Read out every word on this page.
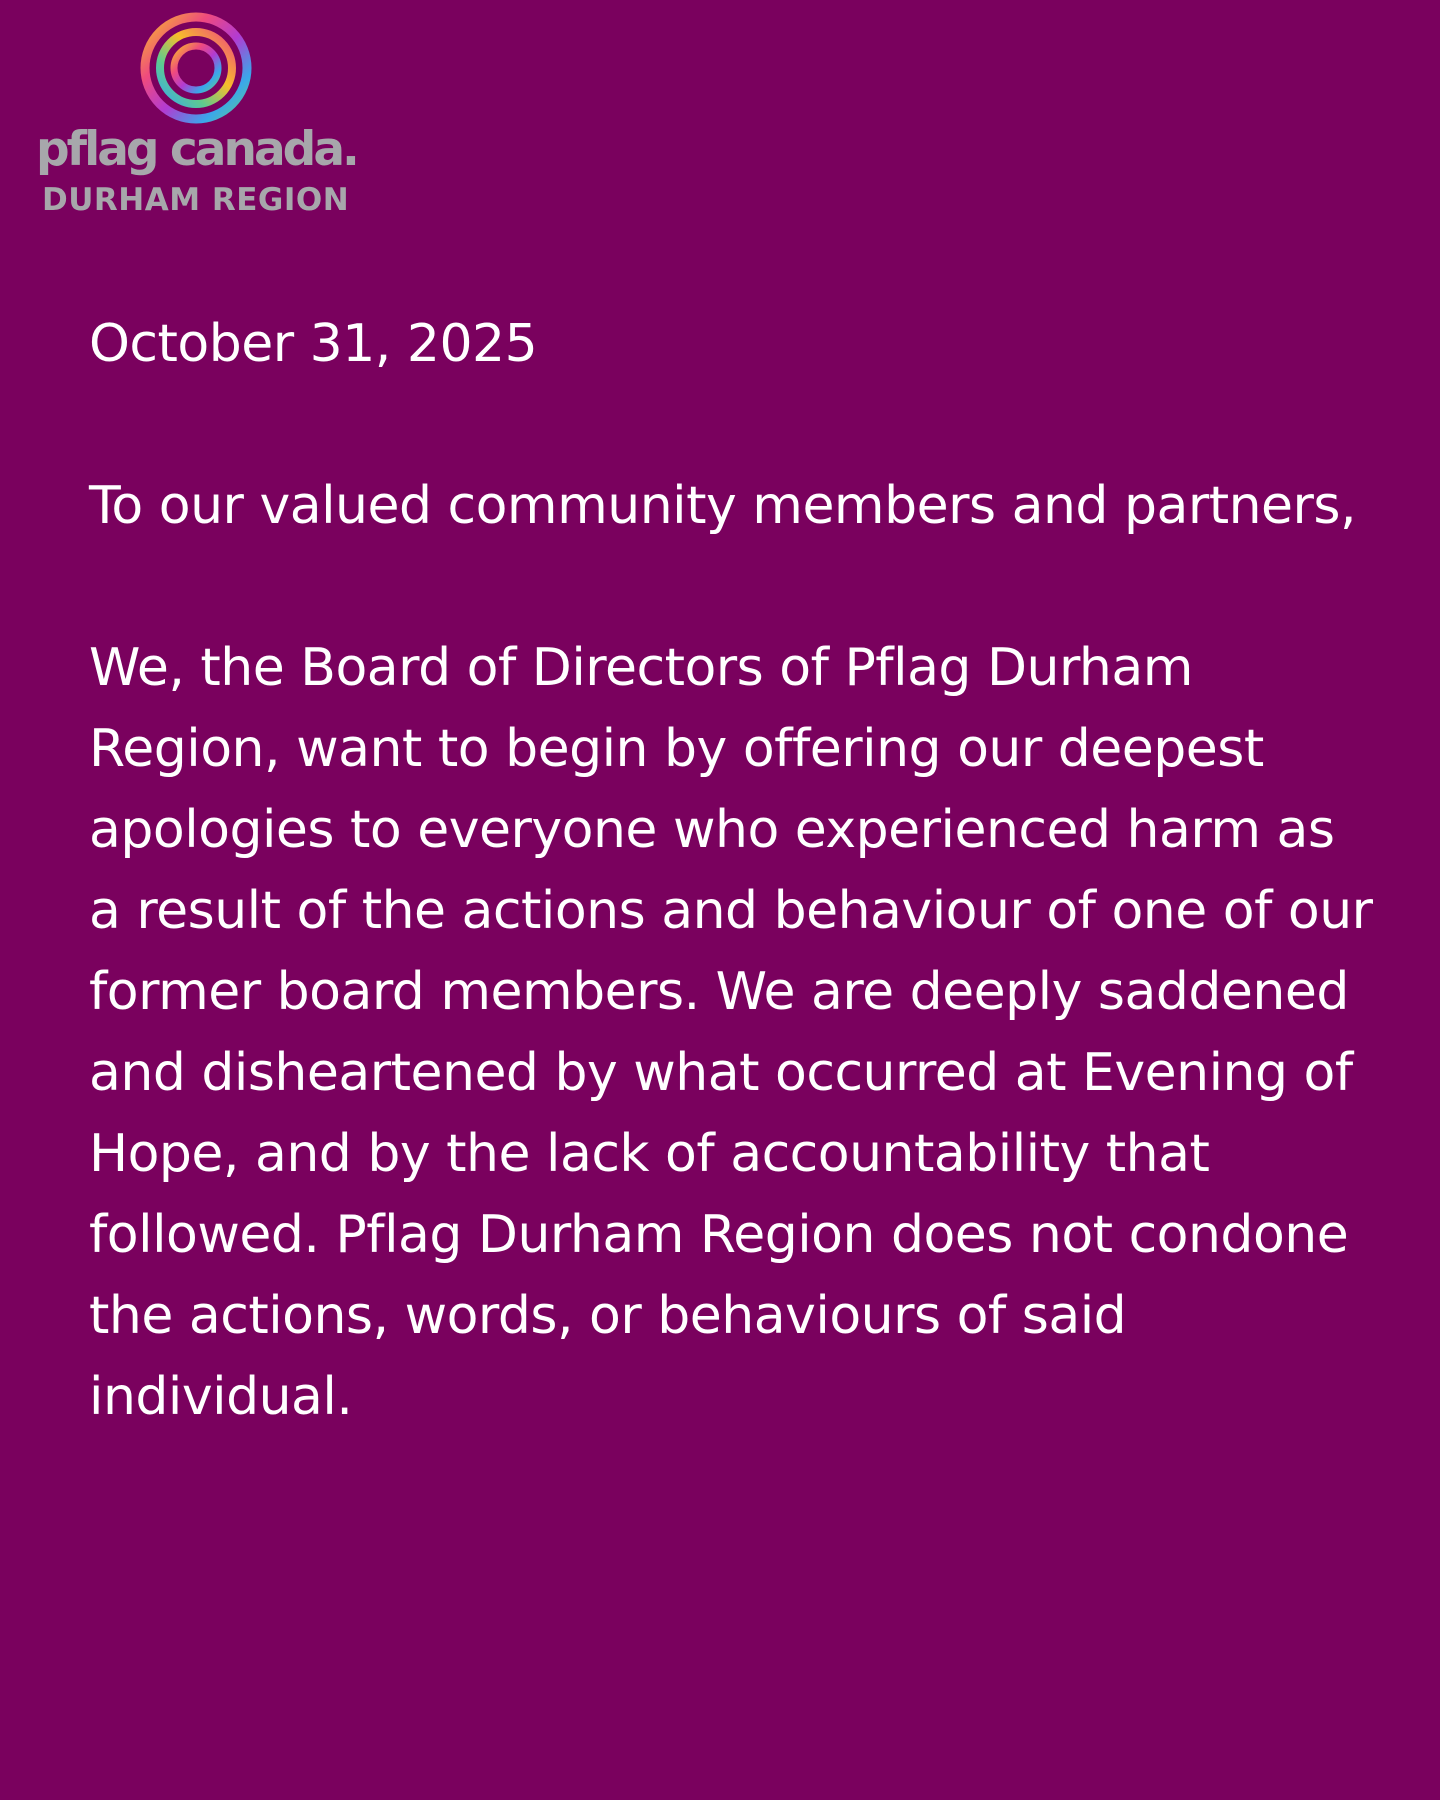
pflag canada.
DURHAM REGION

October 31, 2025

To our valued community members and partners,

We, the Board of Directors of Pflag Durham Region, want to begin by offering our deepest apologies to everyone who experienced harm as a result of the actions and behaviour of one of our former board members. We are deeply saddened and disheartened by what occurred at Evening of Hope, and by the lack of accountability that followed. Pflag Durham Region does not condone the actions, words, or behaviours of said individual.
